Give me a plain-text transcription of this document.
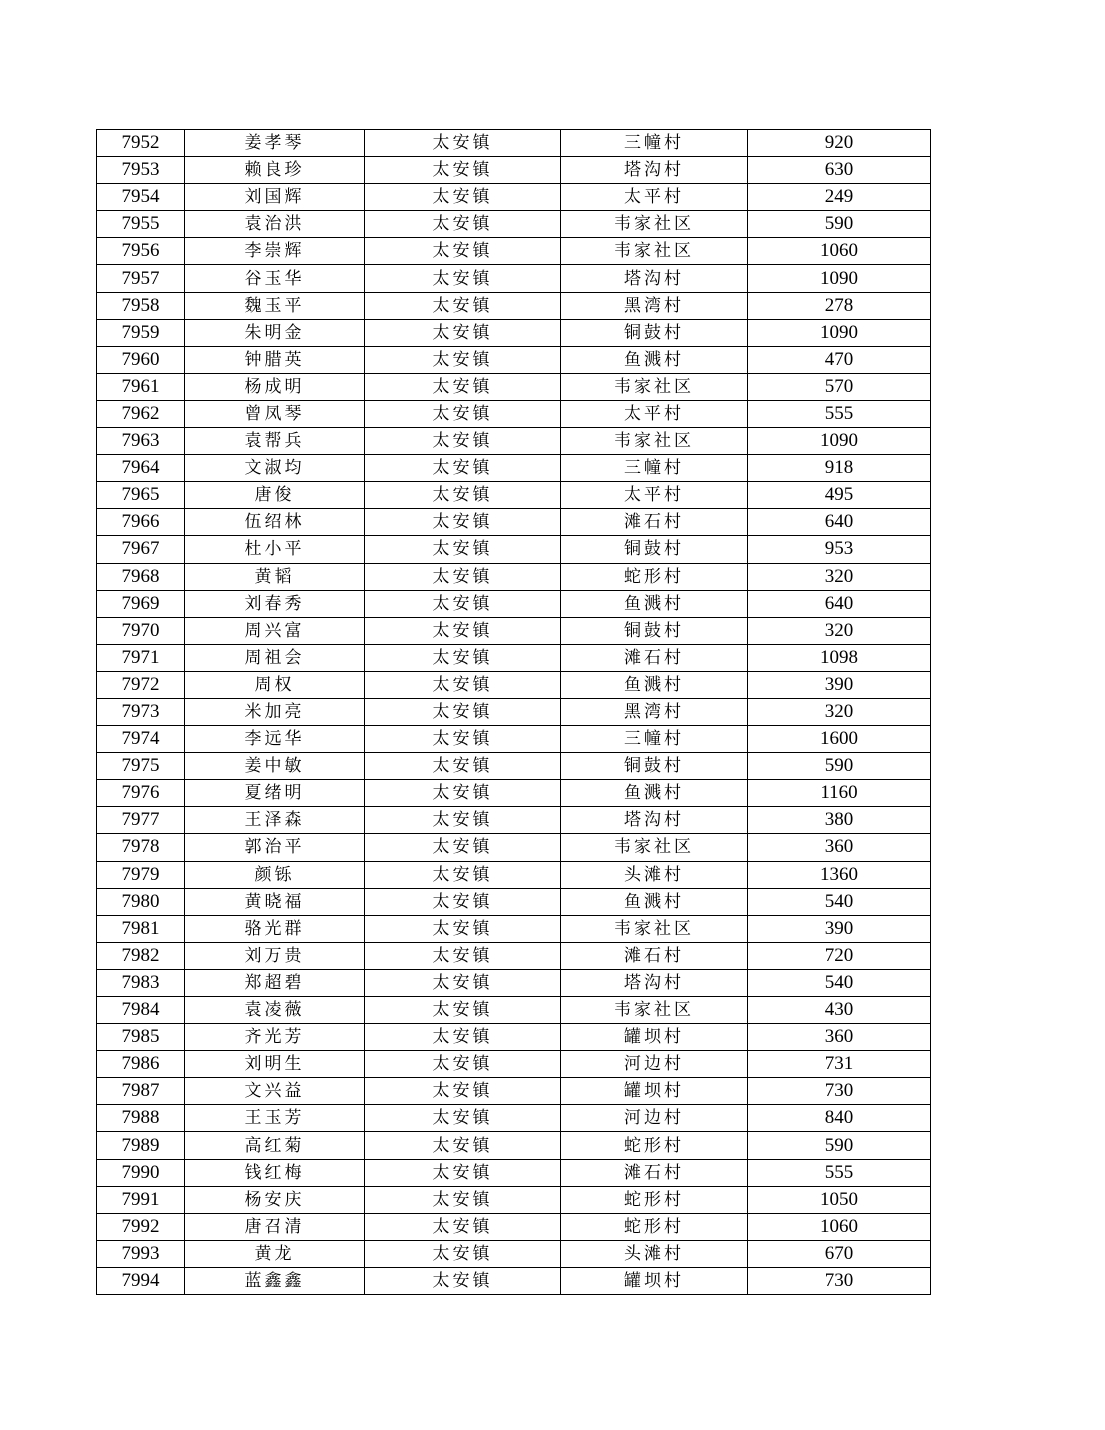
7952	姜孝琴	太安镇	三幢村	920
7953	赖良珍	太安镇	塔沟村	630
7954	刘国辉	太安镇	太平村	249
7955	袁治洪	太安镇	韦家社区	590
7956	李崇辉	太安镇	韦家社区	1060
7957	谷玉华	太安镇	塔沟村	1090
7958	魏玉平	太安镇	黑湾村	278
7959	朱明金	太安镇	铜鼓村	1090
7960	钟腊英	太安镇	鱼溅村	470
7961	杨成明	太安镇	韦家社区	570
7962	曾凤琴	太安镇	太平村	555
7963	袁帮兵	太安镇	韦家社区	1090
7964	文淑均	太安镇	三幢村	918
7965	唐俊	太安镇	太平村	495
7966	伍绍林	太安镇	滩石村	640
7967	杜小平	太安镇	铜鼓村	953
7968	黄韬	太安镇	蛇形村	320
7969	刘春秀	太安镇	鱼溅村	640
7970	周兴富	太安镇	铜鼓村	320
7971	周祖会	太安镇	滩石村	1098
7972	周权	太安镇	鱼溅村	390
7973	米加亮	太安镇	黑湾村	320
7974	李远华	太安镇	三幢村	1600
7975	姜中敏	太安镇	铜鼓村	590
7976	夏绪明	太安镇	鱼溅村	1160
7977	王泽森	太安镇	塔沟村	380
7978	郭治平	太安镇	韦家社区	360
7979	颜铄	太安镇	头滩村	1360
7980	黄晓福	太安镇	鱼溅村	540
7981	骆光群	太安镇	韦家社区	390
7982	刘万贵	太安镇	滩石村	720
7983	郑超碧	太安镇	塔沟村	540
7984	袁凌薇	太安镇	韦家社区	430
7985	齐光芳	太安镇	罐坝村	360
7986	刘明生	太安镇	河边村	731
7987	文兴益	太安镇	罐坝村	730
7988	王玉芳	太安镇	河边村	840
7989	高红菊	太安镇	蛇形村	590
7990	钱红梅	太安镇	滩石村	555
7991	杨安庆	太安镇	蛇形村	1050
7992	唐召清	太安镇	蛇形村	1060
7993	黄龙	太安镇	头滩村	670
7994	蓝鑫鑫	太安镇	罐坝村	730
